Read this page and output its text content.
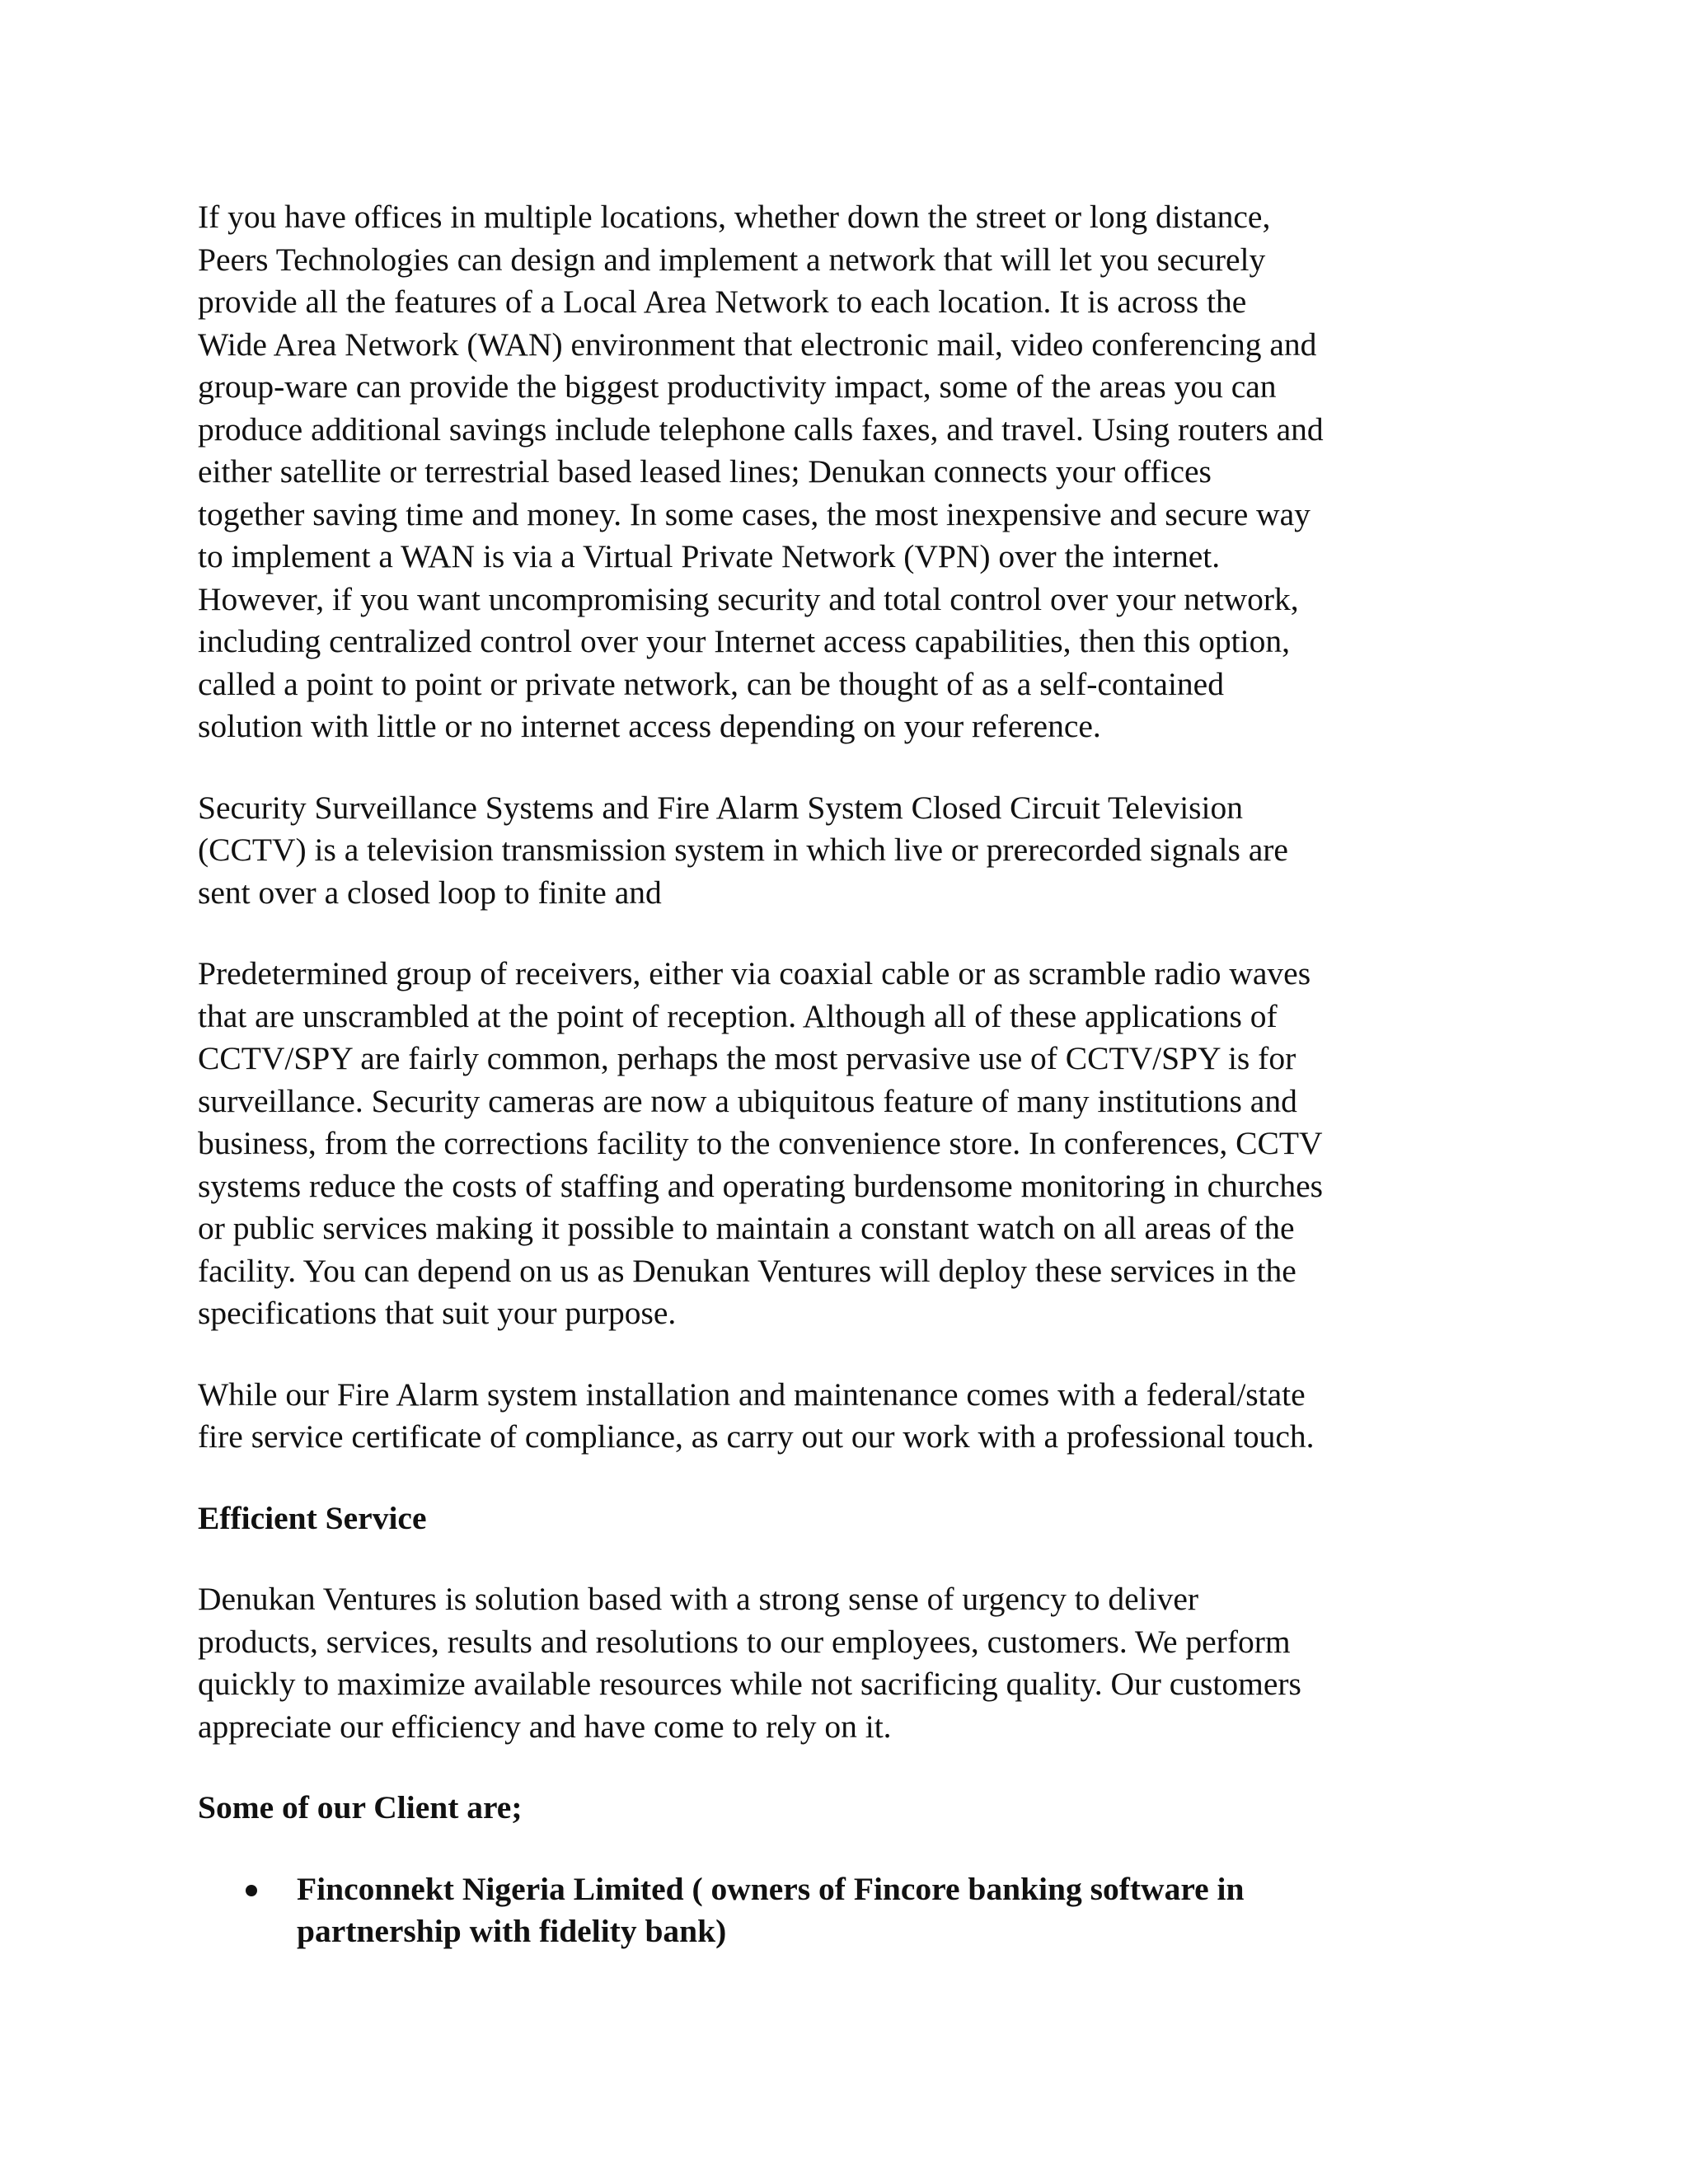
If you have offices in multiple locations, whether down the street or long distance,
Peers Technologies can design and implement a network that will let you securely
provide all the features of a Local Area Network to each location. It is across the
Wide Area Network (WAN) environment that electronic mail, video conferencing and
group-ware can provide the biggest productivity impact, some of the areas you can
produce additional savings include telephone calls faxes, and travel. Using routers and
either satellite or terrestrial based leased lines; Denukan connects your offices
together saving time and money. In some cases, the most inexpensive and secure way
to implement a WAN is via a Virtual Private Network (VPN) over the internet.
However, if you want uncompromising security and total control over your network,
including centralized control over your Internet access capabilities, then this option,
called a point to point or private network, can be thought of as a self-contained
solution with little or no internet access depending on your reference.

Security Surveillance Systems and Fire Alarm System Closed Circuit Television
(CCTV) is a television transmission system in which live or prerecorded signals are
sent over a closed loop to finite and

Predetermined group of receivers, either via coaxial cable or as scramble radio waves
that are unscrambled at the point of reception. Although all of these applications of
CCTV/SPY are fairly common, perhaps the most pervasive use of CCTV/SPY is for
surveillance. Security cameras are now a ubiquitous feature of many institutions and
business, from the corrections facility to the convenience store. In conferences, CCTV
systems reduce the costs of staffing and operating burdensome monitoring in churches
or public services making it possible to maintain a constant watch on all areas of the
facility. You can depend on us as Denukan Ventures will deploy these services in the
specifications that suit your purpose.

While our Fire Alarm system installation and maintenance comes with a federal/state
fire service certificate of compliance, as carry out our work with a professional touch.

Efficient Service

Denukan Ventures is solution based with a strong sense of urgency to deliver
products, services, results and resolutions to our employees, customers. We perform
quickly to maximize available resources while not sacrificing quality. Our customers
appreciate our efficiency and have come to rely on it.

Some of our Client are;

Finconnekt Nigeria Limited ( owners of Fincore banking software in
partnership with fidelity bank)
